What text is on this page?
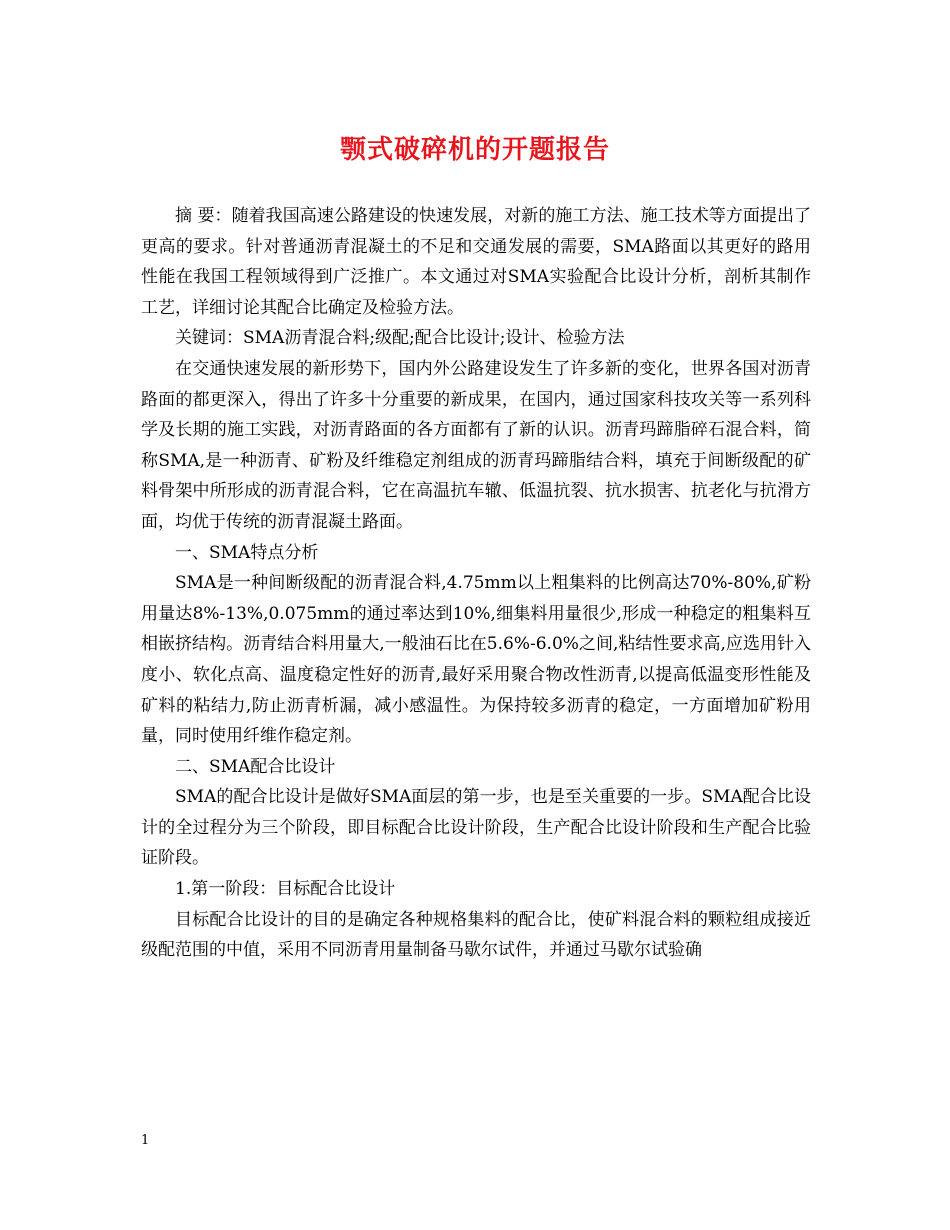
颚式破碎机的开题报告

摘 要：随着我国高速公路建设的快速发展，对新的施工方法、施工技术等方面提出了更高的要求。针对普通沥青混凝土的不足和交通发展的需要，SMA路面以其更好的路用性能在我国工程领域得到广泛推广。本文通过对SMA实验配合比设计分析，剖析其制作工艺，详细讨论其配合比确定及检验方法。

关键词：SMA沥青混合料;级配;配合比设计;设计、检验方法

在交通快速发展的新形势下，国内外公路建设发生了许多新的变化，世界各国对沥青路面的都更深入，得出了许多十分重要的新成果，在国内，通过国家科技攻关等一系列科学及长期的施工实践，对沥青路面的各方面都有了新的认识。沥青玛蹄脂碎石混合料，简称SMA,是一种沥青、矿粉及纤维稳定剂组成的沥青玛蹄脂结合料，填充于间断级配的矿料骨架中所形成的沥青混合料，它在高温抗车辙、低温抗裂、抗水损害、抗老化与抗滑方面，均优于传统的沥青混凝土路面。

一、SMA特点分析

SMA是一种间断级配的沥青混合料,4.75mm以上粗集料的比例高达70%-80%,矿粉用量达8%-13%,0.075mm的通过率达到10%,细集料用量很少,形成一种稳定的粗集料互相嵌挤结构。沥青结合料用量大,一般油石比在5.6%-6.0%之间,粘结性要求高,应选用针入度小、软化点高、温度稳定性好的沥青,最好采用聚合物改性沥青,以提高低温变形性能及矿料的粘结力,防止沥青析漏，减小感温性。为保持较多沥青的稳定，一方面增加矿粉用量，同时使用纤维作稳定剂。

二、SMA配合比设计

SMA的配合比设计是做好SMA面层的第一步，也是至关重要的一步。SMA配合比设计的全过程分为三个阶段，即目标配合比设计阶段，生产配合比设计阶段和生产配合比验证阶段。

1.第一阶段：目标配合比设计

目标配合比设计的目的是确定各种规格集料的配合比，使矿料混合料的颗粒组成接近级配范围的中值，采用不同沥青用量制备马歇尔试件，并通过马歇尔试验确

1
